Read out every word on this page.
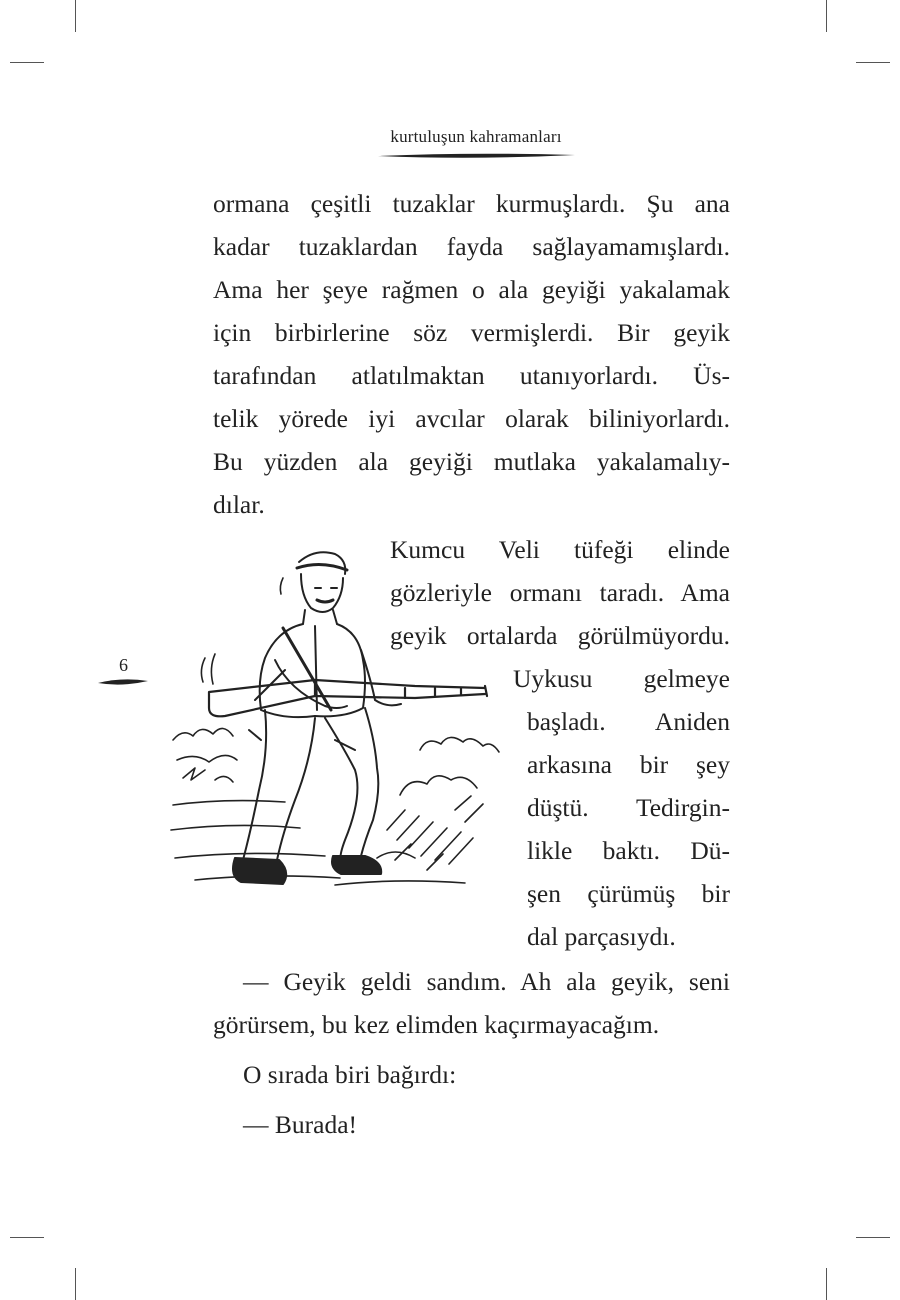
kurtuluşun kahramanları
ormana çeşitli tuzaklar kurmuşlardı. Şu ana
kadar tuzaklardan fayda sağlayamamışlardı.
Ama her şeye rağmen o ala geyiği yakalamak
için birbirlerine söz vermişlerdi. Bir geyik
tarafından atlatılmaktan utanıyorlardı. Üs-
telik yörede iyi avcılar olarak biliniyorlardı.
Bu yüzden ala geyiği mutlaka yakalamalıy-
dılar.
Kumcu Veli tüfeği elinde
gözleriyle ormanı taradı. Ama
geyik ortalarda görülmüyordu.
Uykusu gelmeye
başladı. Aniden
arkasına bir şey
düştü. Tedirgin-
likle baktı. Dü-
şen çürümüş bir
dal parçasıydı.
— Geyik geldi sandım. Ah ala geyik, seni
görürsem, bu kez elimden kaçırmayacağım.
O sırada biri bağırdı:
— Burada!
6
